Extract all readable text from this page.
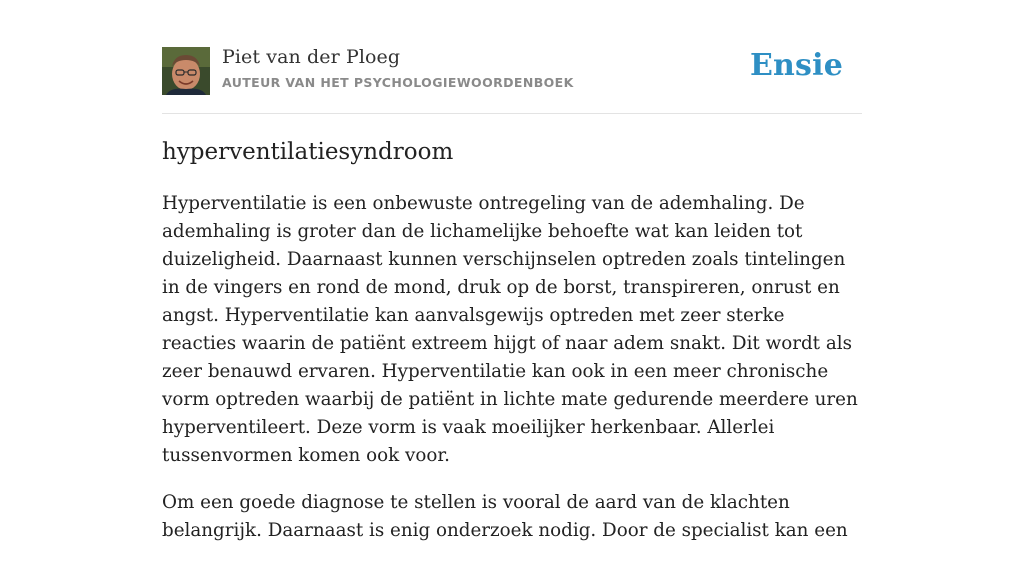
Piet van der Ploeg
AUTEUR VAN HET PSYCHOLOGIEWOORDENBOEK	Ensie
hyperventilatiesyndroom

Hyperventilatie is een onbewuste ontregeling van de ademhaling. De ademhaling is groter dan de lichamelijke behoefte wat kan leiden tot duizeligheid. Daarnaast kunnen verschijnselen optreden zoals tintelingen in de vingers en rond de mond, druk op de borst, transpireren, onrust en angst. Hyperventilatie kan aanvalsgewijs optreden met zeer sterke reacties waarin de patiënt extreem hijgt of naar adem snakt. Dit wordt als zeer benauwd ervaren. Hyperventilatie kan ook in een meer chronische vorm optreden waarbij de patiënt in lichte mate gedurende meerdere uren hyperventileert. Deze vorm is vaak moeilijker herkenbaar. Allerlei tussenvormen komen ook voor.

Om een goede diagnose te stellen is vooral de aard van de klachten belangrijk. Daarnaast is enig onderzoek nodig. Door de specialist kan een
